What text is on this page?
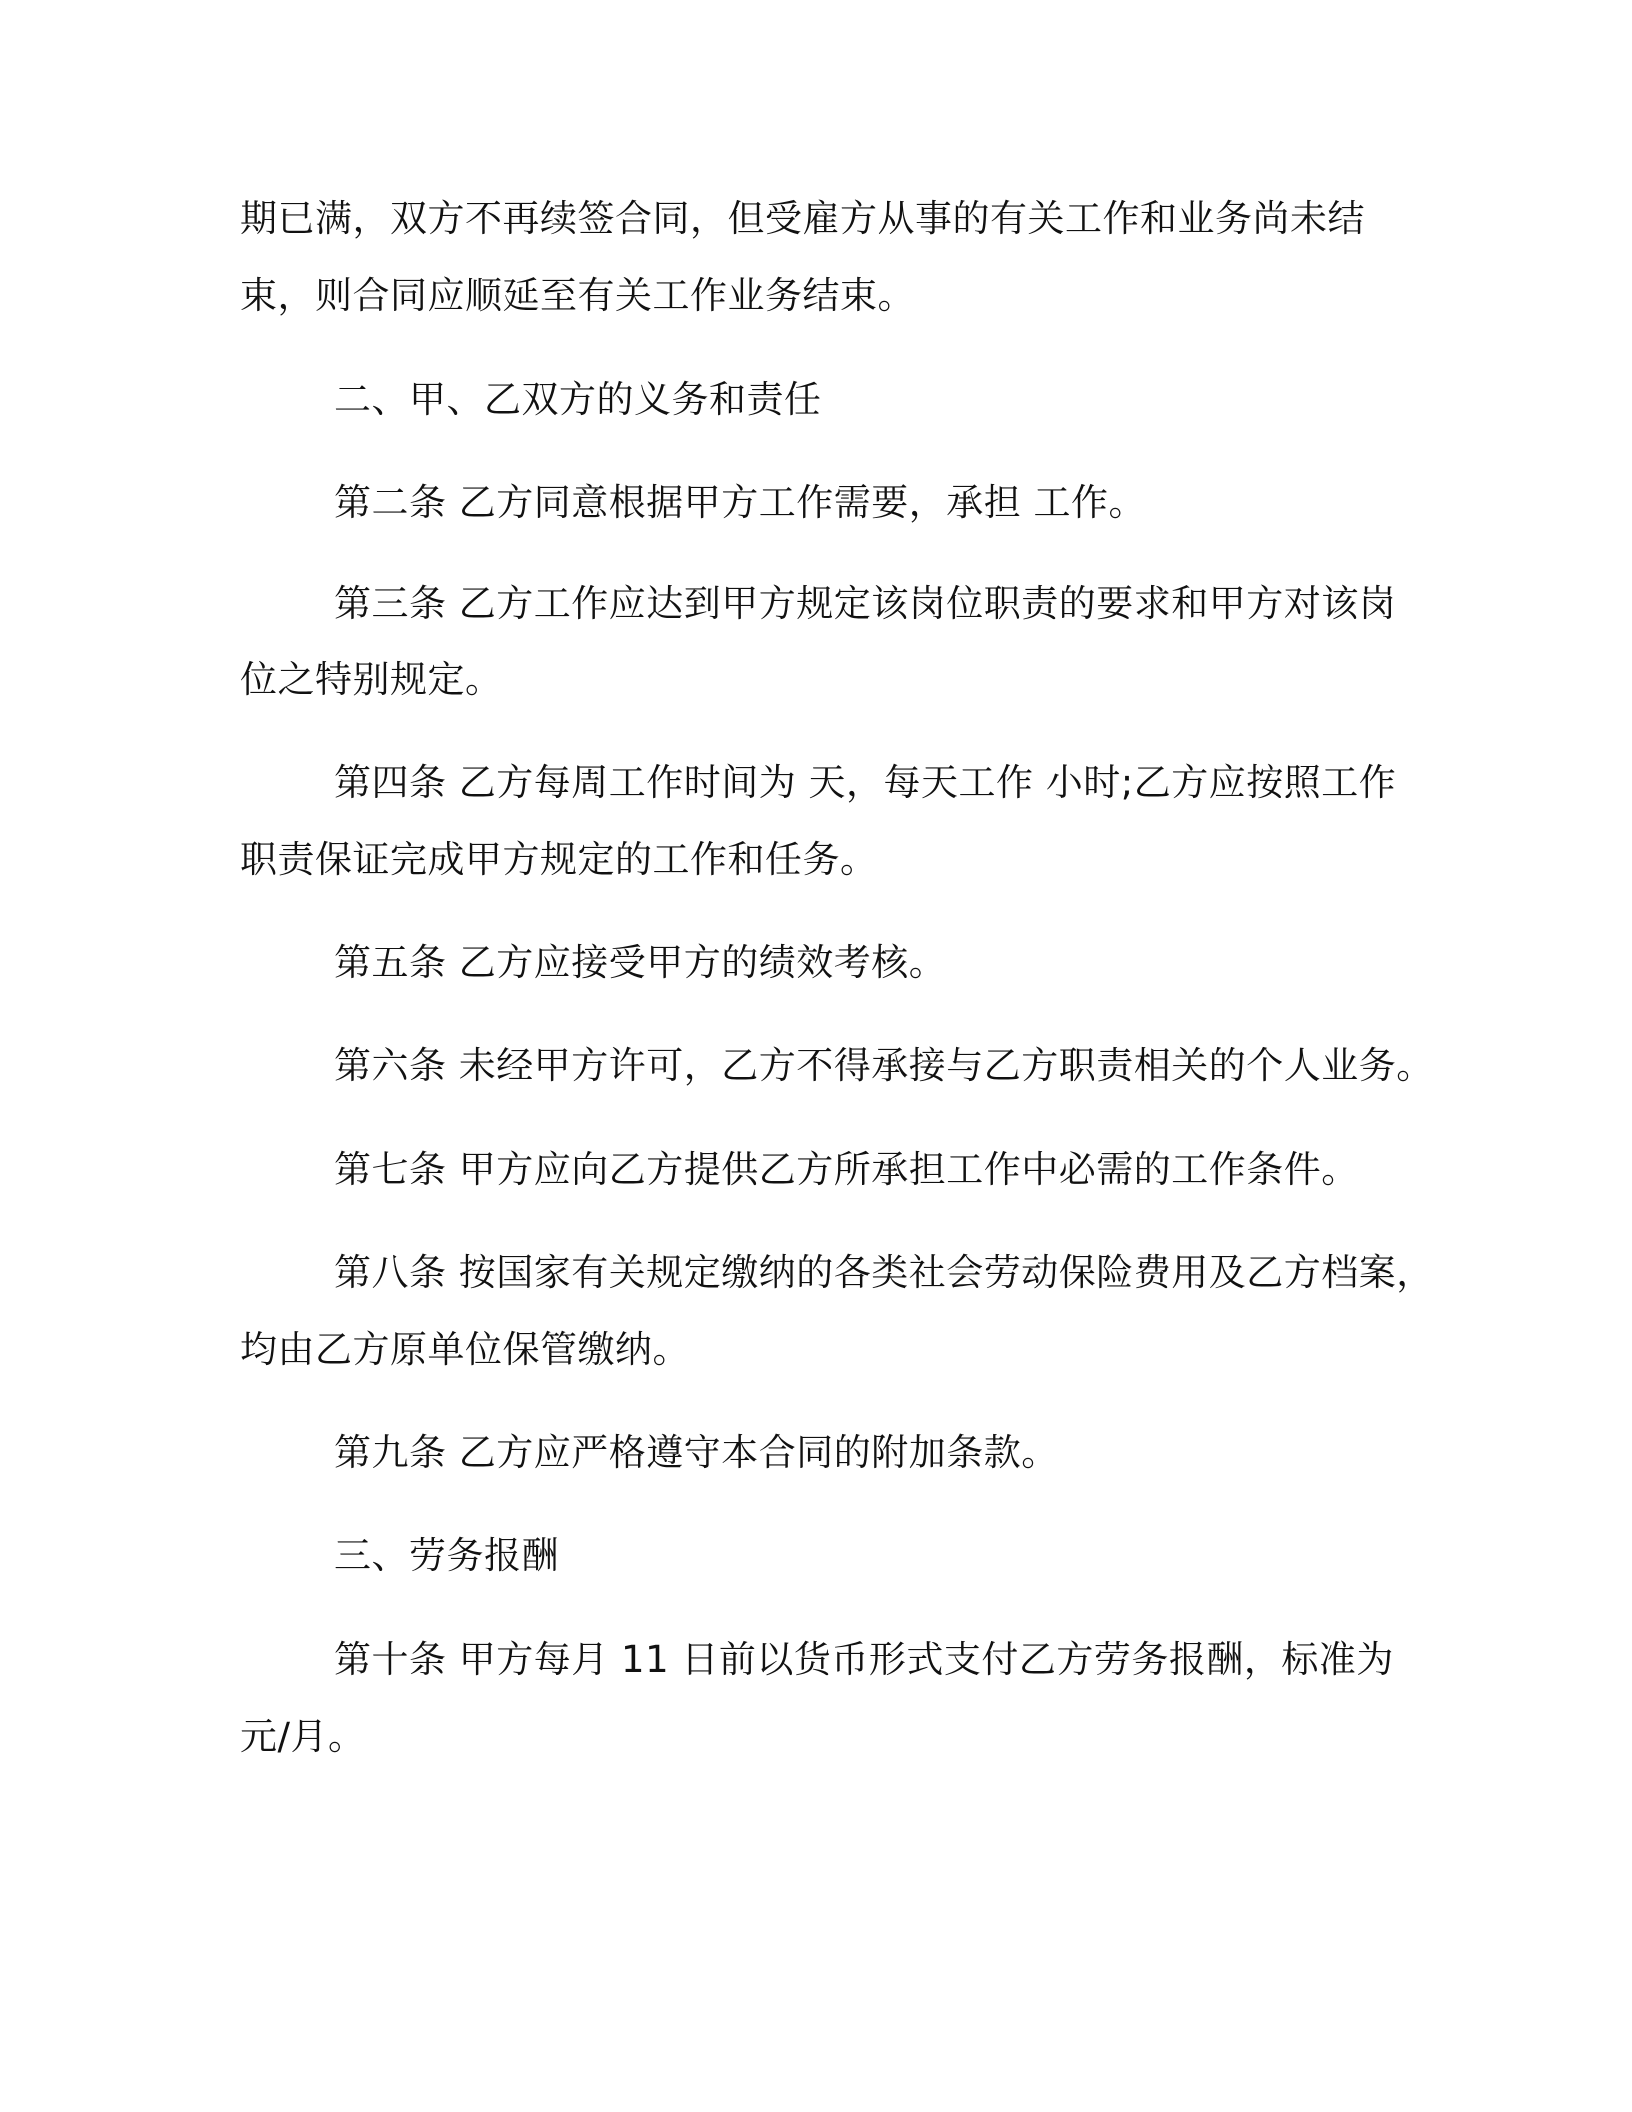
期已满，双方不再续签合同，但受雇方从事的有关工作和业务尚未结
束，则合同应顺延至有关工作业务结束。
二、甲、乙双方的义务和责任
第二条 乙方同意根据甲方工作需要，承担 工作。
第三条 乙方工作应达到甲方规定该岗位职责的要求和甲方对该岗
位之特别规定。
第四条 乙方每周工作时间为 天，每天工作 小时;乙方应按照工作
职责保证完成甲方规定的工作和任务。
第五条 乙方应接受甲方的绩效考核。
第六条 未经甲方许可，乙方不得承接与乙方职责相关的个人业务。
第七条 甲方应向乙方提供乙方所承担工作中必需的工作条件。
第八条 按国家有关规定缴纳的各类社会劳动保险费用及乙方档案，
均由乙方原单位保管缴纳。
第九条 乙方应严格遵守本合同的附加条款。
三、劳务报酬
第十条 甲方每月 11 日前以货币形式支付乙方劳务报酬，标准为
元/月。
